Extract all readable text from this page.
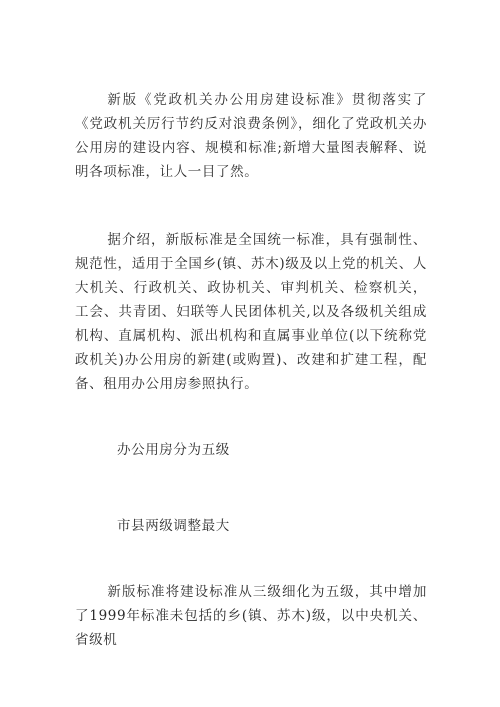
新版《党政机关办公用房建设标准》贯彻落实了《党政机关厉行节约反对浪费条例》，细化了党政机关办公用房的建设内容、规模和标准;新增大量图表解释、说明各项标准，让人一目了然。

据介绍，新版标准是全国统一标准，具有强制性、规范性，适用于全国乡(镇、苏木)级及以上党的机关、人大机关、行政机关、政协机关、审判机关、检察机关，工会、共青团、妇联等人民团体机关,以及各级机关组成机构、直属机构、派出机构和直属事业单位(以下统称党政机关)办公用房的新建(或购置)、改建和扩建工程，配备、租用办公用房参照执行。

办公用房分为五级

市县两级调整最大

新版标准将建设标准从三级细化为五级，其中增加了1999年标准未包括的乡(镇、苏木)级，以中央机关、省级机
